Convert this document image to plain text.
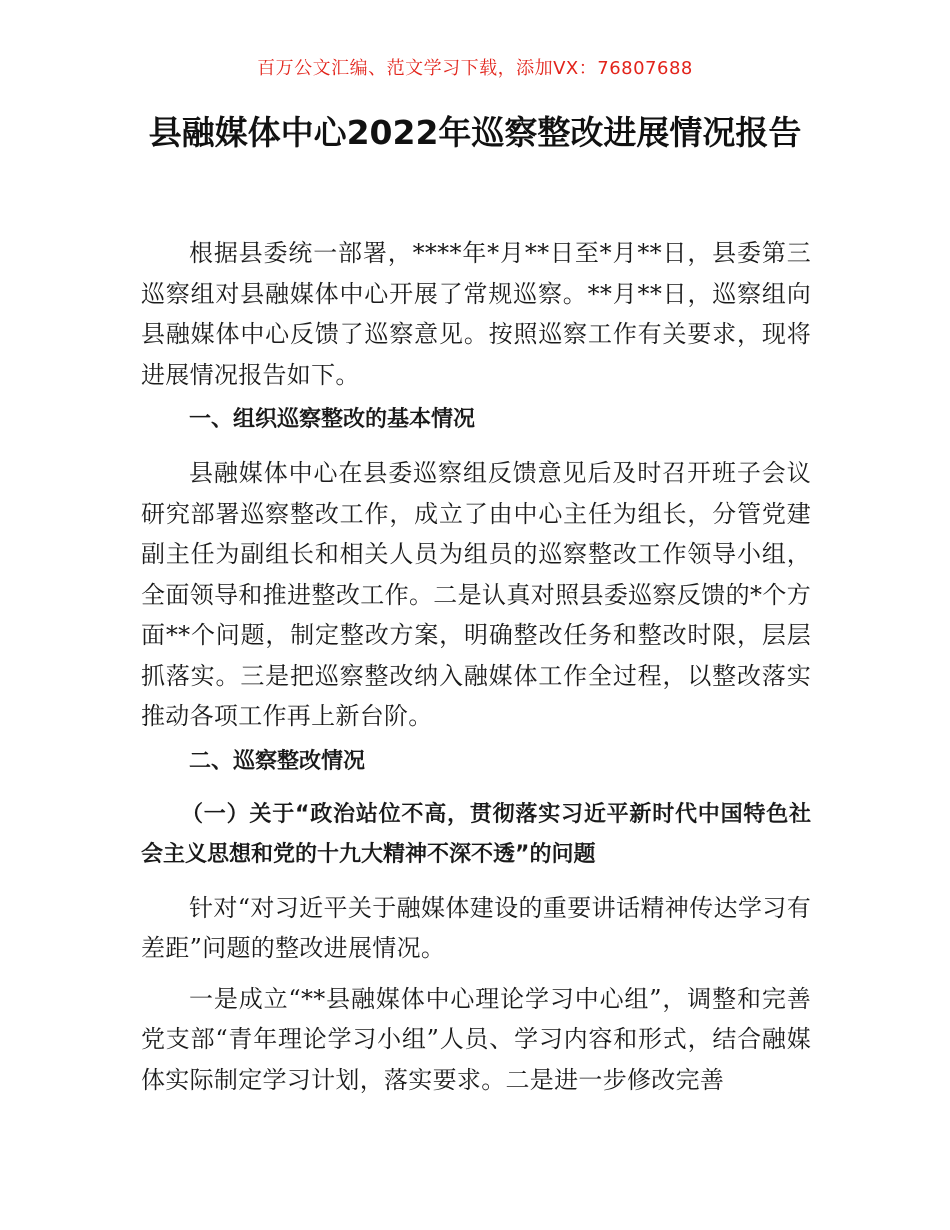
百万公文汇编、范文学习下载，添加VX：76807688
县融媒体中心2022年巡察整改进展情况报告

根据县委统一部署，****年*月**日至*月**日，县委第三巡察组对县融媒体中心开展了常规巡察。**月**日，巡察组向县融媒体中心反馈了巡察意见。按照巡察工作有关要求，现将进展情况报告如下。

一、组织巡察整改的基本情况

县融媒体中心在县委巡察组反馈意见后及时召开班子会议研究部署巡察整改工作，成立了由中心主任为组长，分管党建副主任为副组长和相关人员为组员的巡察整改工作领导小组，全面领导和推进整改工作。二是认真对照县委巡察反馈的*个方面**个问题，制定整改方案，明确整改任务和整改时限，层层抓落实。三是把巡察整改纳入融媒体工作全过程，以整改落实推动各项工作再上新台阶。

二、巡察整改情况
（一）关于“政治站位不高，贯彻落实习近平新时代中国特色社会主义思想和党的十九大精神不深不透”的问题

针对“对习近平关于融媒体建设的重要讲话精神传达学习有差距”问题的整改进展情况。

一是成立“**县融媒体中心理论学习中心组”，调整和完善党支部“青年理论学习小组”人员、学习内容和形式，结合融媒体实际制定学习计划，落实要求。二是进一步修改完善
